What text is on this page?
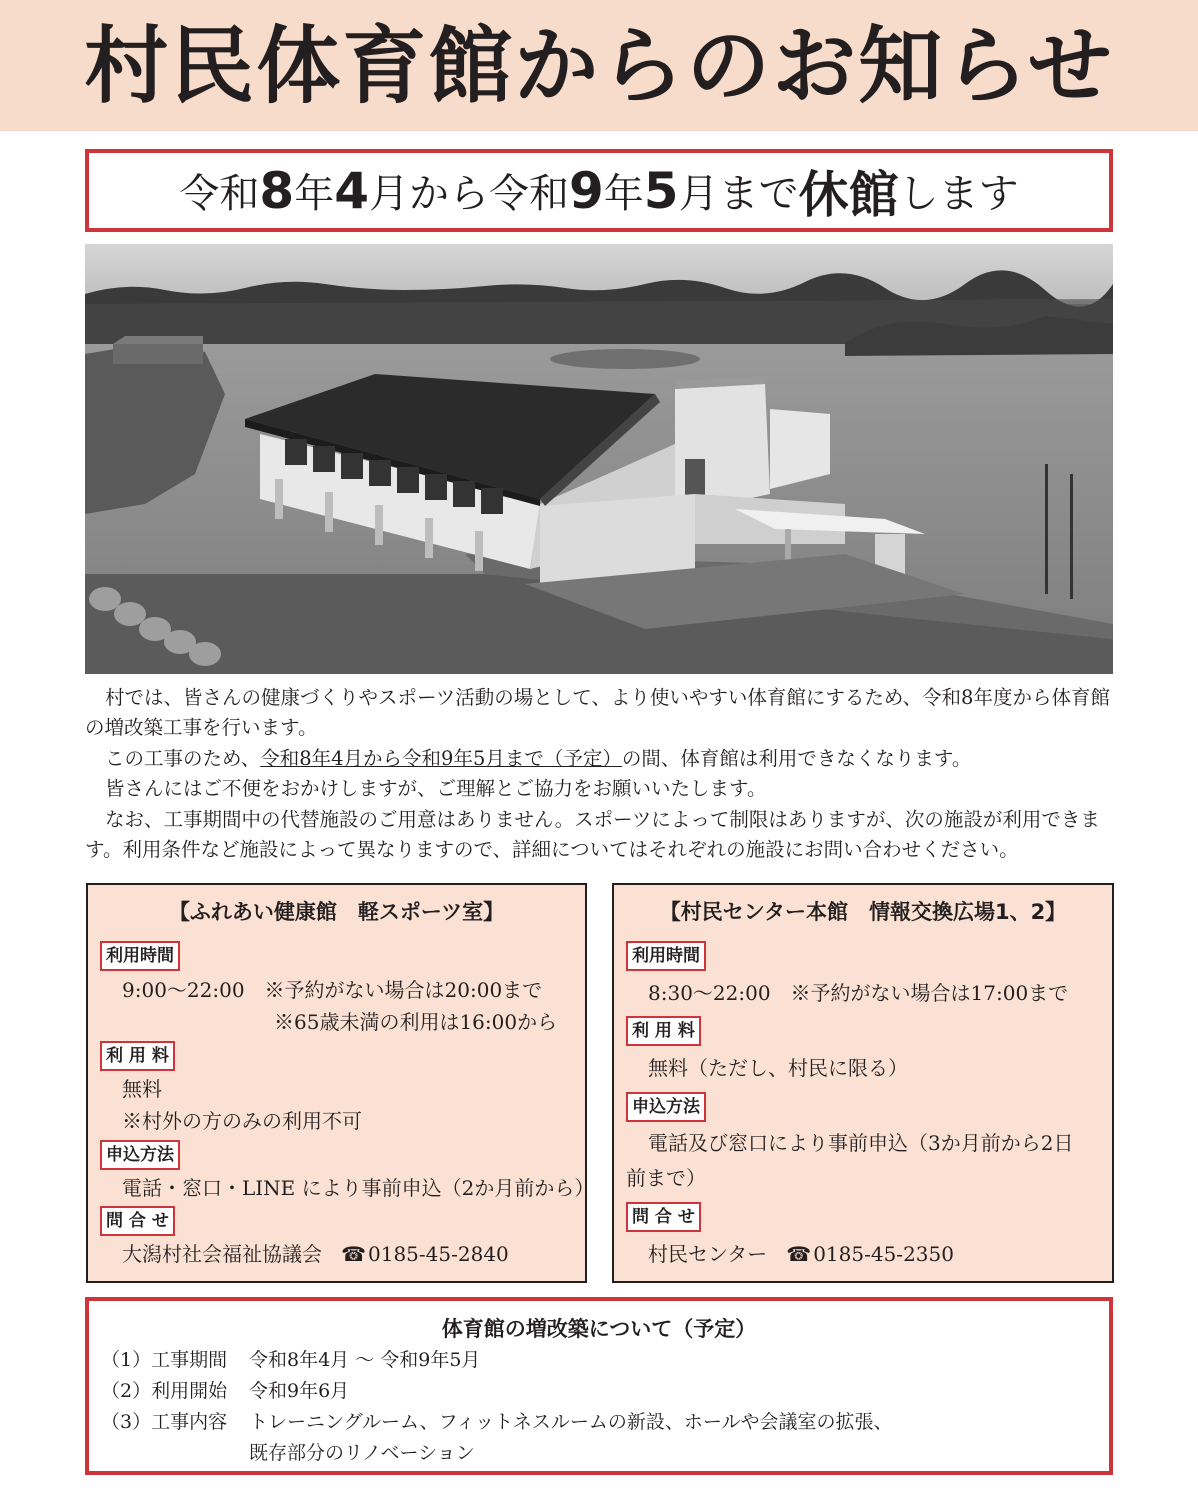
村民体育館からのお知らせ
令和 8 年 4 月から令和 9 年 5 月まで 休館 します

村では、皆さんの健康づくりやスポーツ活動の場として、より使いやすい体育館にするため、令和8年度から体育館の増改築工事を行います。

この工事のため、令和8年4月から令和9年5月まで（予定）の間、体育館は利用できなくなります。

皆さんにはご不便をおかけしますが、ご理解とご協力をお願いいたします。

なお、工事期間中の代替施設のご用意はありません。スポーツによって制限はありますが、次の施設が利用できます。利用条件など施設によって異なりますので、詳細についてはそれぞれの施設にお問い合わせください。

【ふれあい健康館　軽スポーツ室】
利用時間
9:00～22:00　※予約がない場合は20:00まで
※65歳未満の利用は16:00から
利 用 料
無料
※村外の方のみの利用不可
申込方法
電話・窓口・LINE により事前申込（2か月前から）
問 合 せ
大潟村社会福祉協議会 ☎ 0185-45-2840
【村民センター本館　情報交換広場1、2】
利用時間
8:30～22:00　※予約がない場合は17:00まで
利 用 料
無料（ただし、村民に限る）
申込方法
電話及び窓口により事前申込（3か月前から2日
前まで）
問 合 せ
村民センター ☎ 0185-45-2350
体育館の増改築について（予定）
（1）工事期間 令和8年4月 ～ 令和9年5月
（2）利用開始 令和9年6月
（3）工事内容 トレーニングルーム、フィットネスルームの新設、ホールや会議室の拡張、
既存部分のリノベーション
